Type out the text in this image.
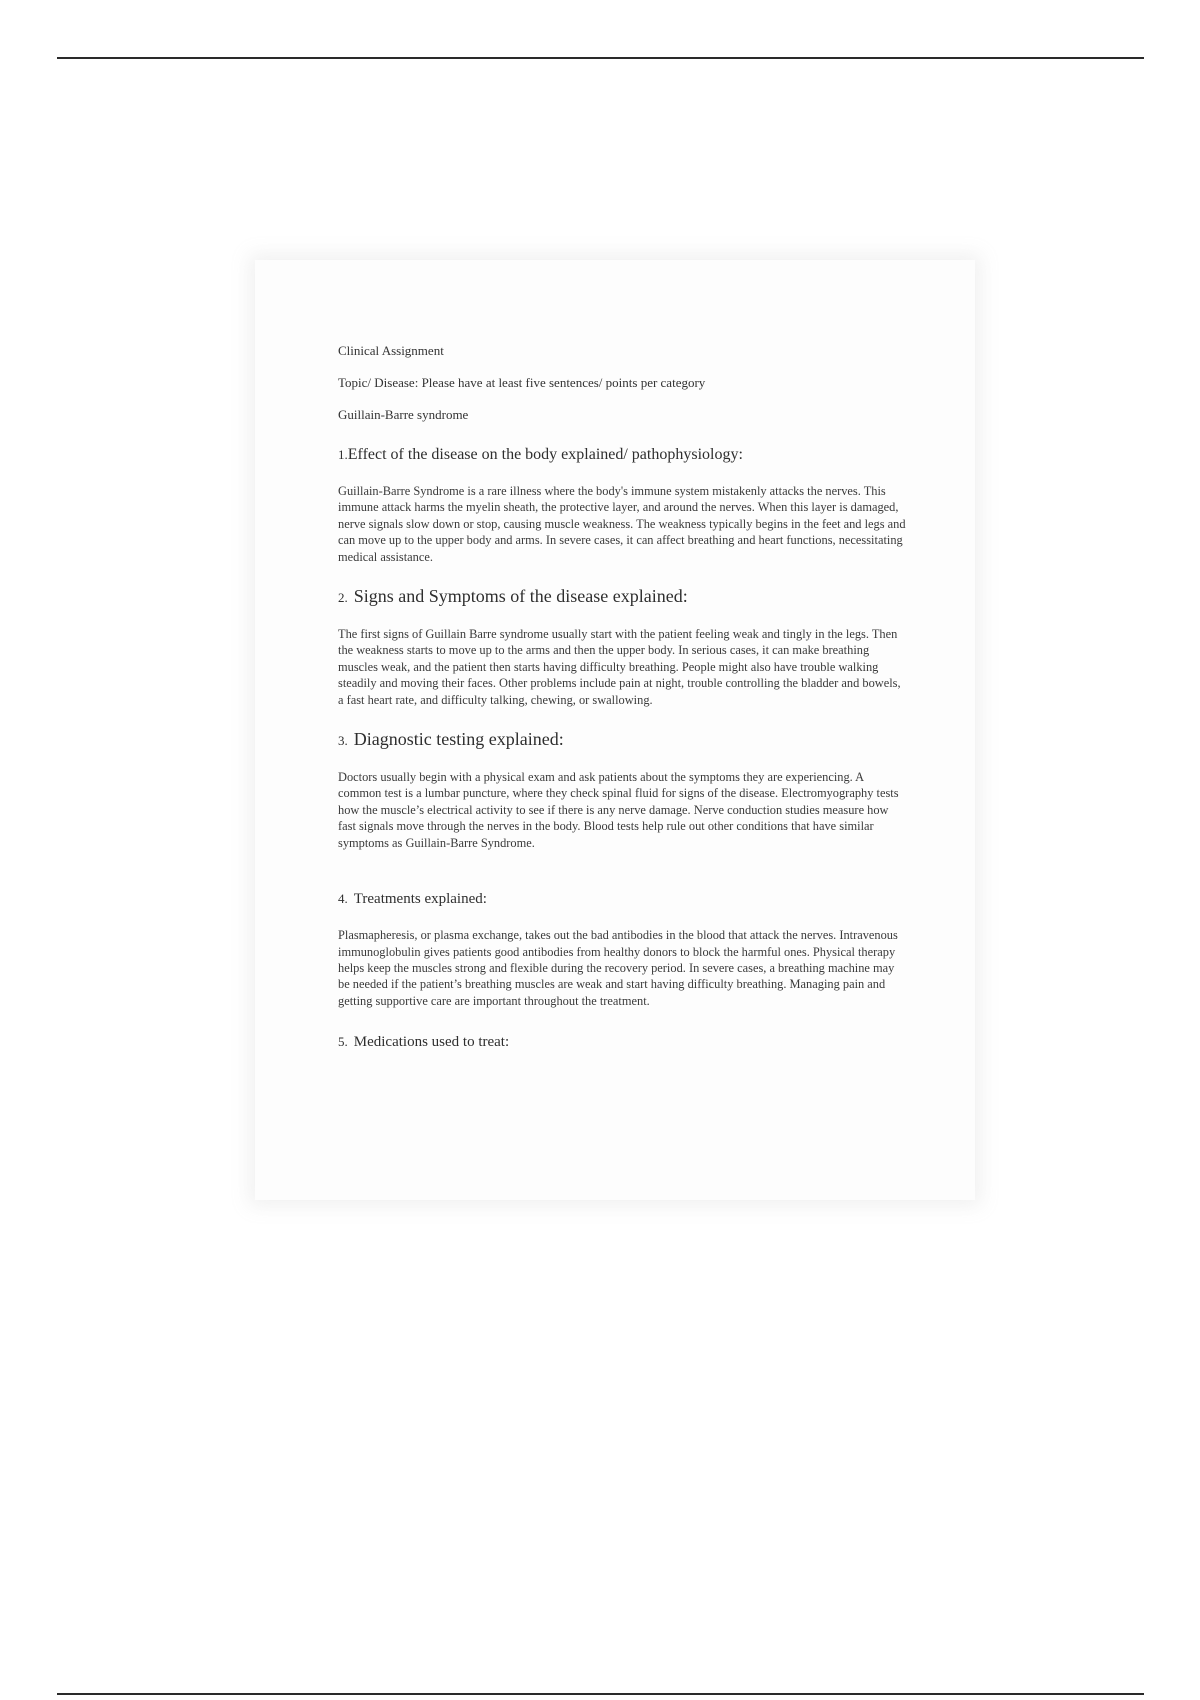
Clinical Assignment

Topic/ Disease: Please have at least five sentences/ points per category

Guillain-Barre syndrome

1.Effect of the disease on the body explained/ pathophysiology:

Guillain-Barre Syndrome is a rare illness where the body's immune system mistakenly attacks the nerves. This immune attack harms the myelin sheath, the protective layer, and around the nerves. When this layer is damaged, nerve signals slow down or stop, causing muscle weakness. The weakness typically begins in the feet and legs and can move up to the upper body and arms. In severe cases, it can affect breathing and heart functions, necessitating medical assistance.

2. Signs and Symptoms of the disease explained:

The first signs of Guillain Barre syndrome usually start with the patient feeling weak and tingly in the legs. Then the weakness starts to move up to the arms and then the upper body. In serious cases, it can make breathing muscles weak, and the patient then starts having difficulty breathing. People might also have trouble walking steadily and moving their faces. Other problems include pain at night, trouble controlling the bladder and bowels, a fast heart rate, and difficulty talking, chewing, or swallowing.

3. Diagnostic testing explained:

Doctors usually begin with a physical exam and ask patients about the symptoms they are experiencing. A common test is a lumbar puncture, where they check spinal fluid for signs of the disease. Electromyography tests how the muscle’s electrical activity to see if there is any nerve damage. Nerve conduction studies measure how fast signals move through the nerves in the body. Blood tests help rule out other conditions that have similar symptoms as Guillain-Barre Syndrome.

4. Treatments explained:

Plasmapheresis, or plasma exchange, takes out the bad antibodies in the blood that attack the nerves. Intravenous immunoglobulin gives patients good antibodies from healthy donors to block the harmful ones. Physical therapy helps keep the muscles strong and flexible during the recovery period. In severe cases, a breathing machine may be needed if the patient’s breathing muscles are weak and start having difficulty breathing. Managing pain and getting supportive care are important throughout the treatment.

5. Medications used to treat:
